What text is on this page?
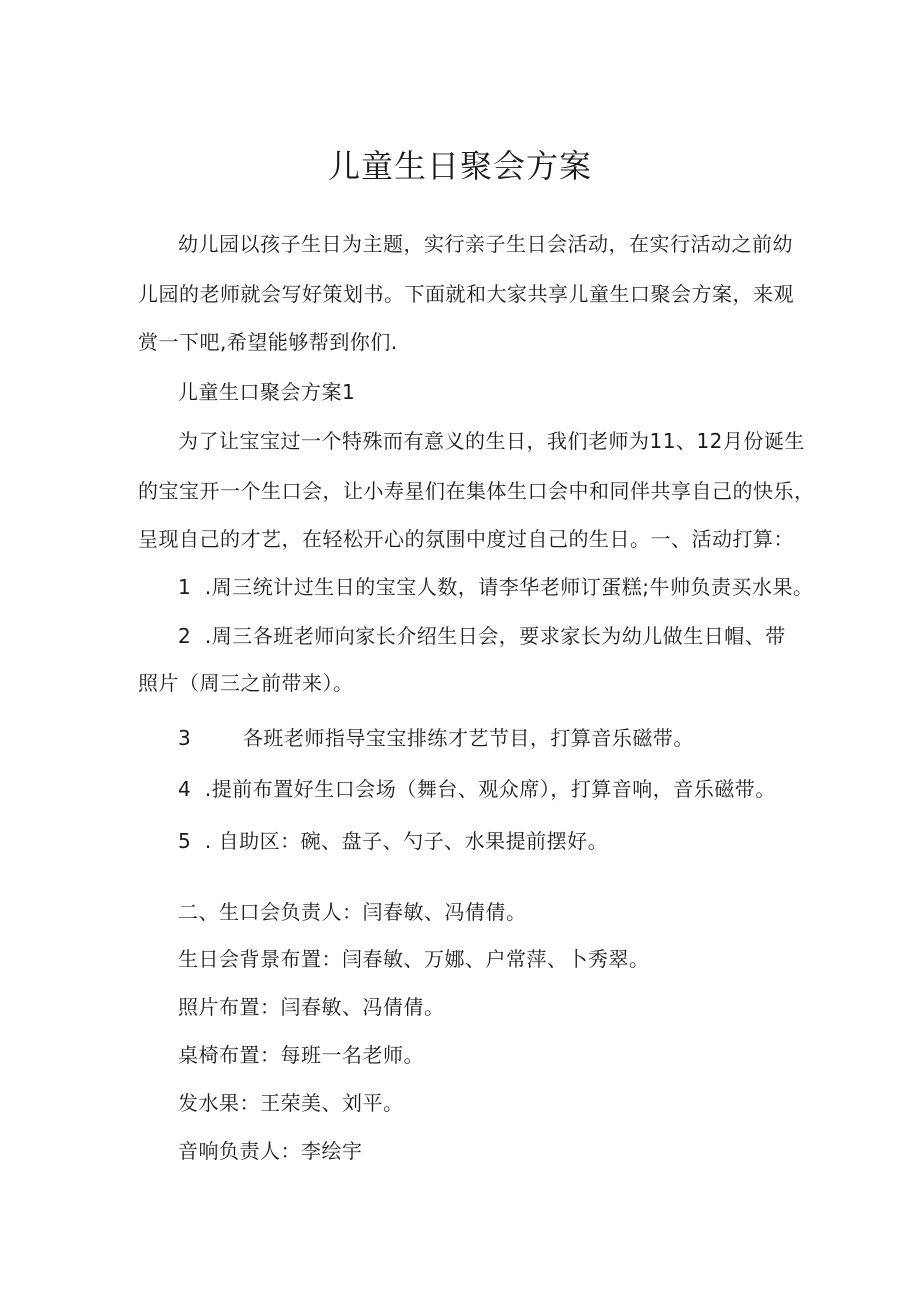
儿童生日聚会方案
幼儿园以孩子生日为主题，实行亲子生日会活动，在实行活动之前幼
儿园的老师就会写好策划书。下面就和大家共享儿童生口聚会方案，来观
赏一下吧,希望能够帮到你们.
儿童生口聚会方案1
为了让宝宝过一个特殊而有意义的生日，我们老师为11、12月份诞生
的宝宝开一个生口会，让小寿星们在集体生口会中和同伴共享自己的快乐，
呈现自己的才艺，在轻松开心的氛围中度过自己的生日。一、活动打算：
1 .周三统计过生日的宝宝人数，请李华老师订蛋糕;牛帅负责买水果。
2 .周三各班老师向家长介绍生日会，要求家长为幼儿做生日帽、带
照片（周三之前带来）。
3	各班老师指导宝宝排练才艺节目，打算音乐磁带。
4 .提前布置好生口会场（舞台、观众席），打算音响，音乐磁带。
5 . 自助区：碗、盘子、勺子、水果提前摆好。
二、生口会负责人：闫春敏、冯倩倩。
生日会背景布置：闫春敏、万娜、户常萍、卜秀翠。
照片布置：闫春敏、冯倩倩。
桌椅布置：每班一名老师。
发水果：王荣美、刘平。
音响负责人：李绘宇
